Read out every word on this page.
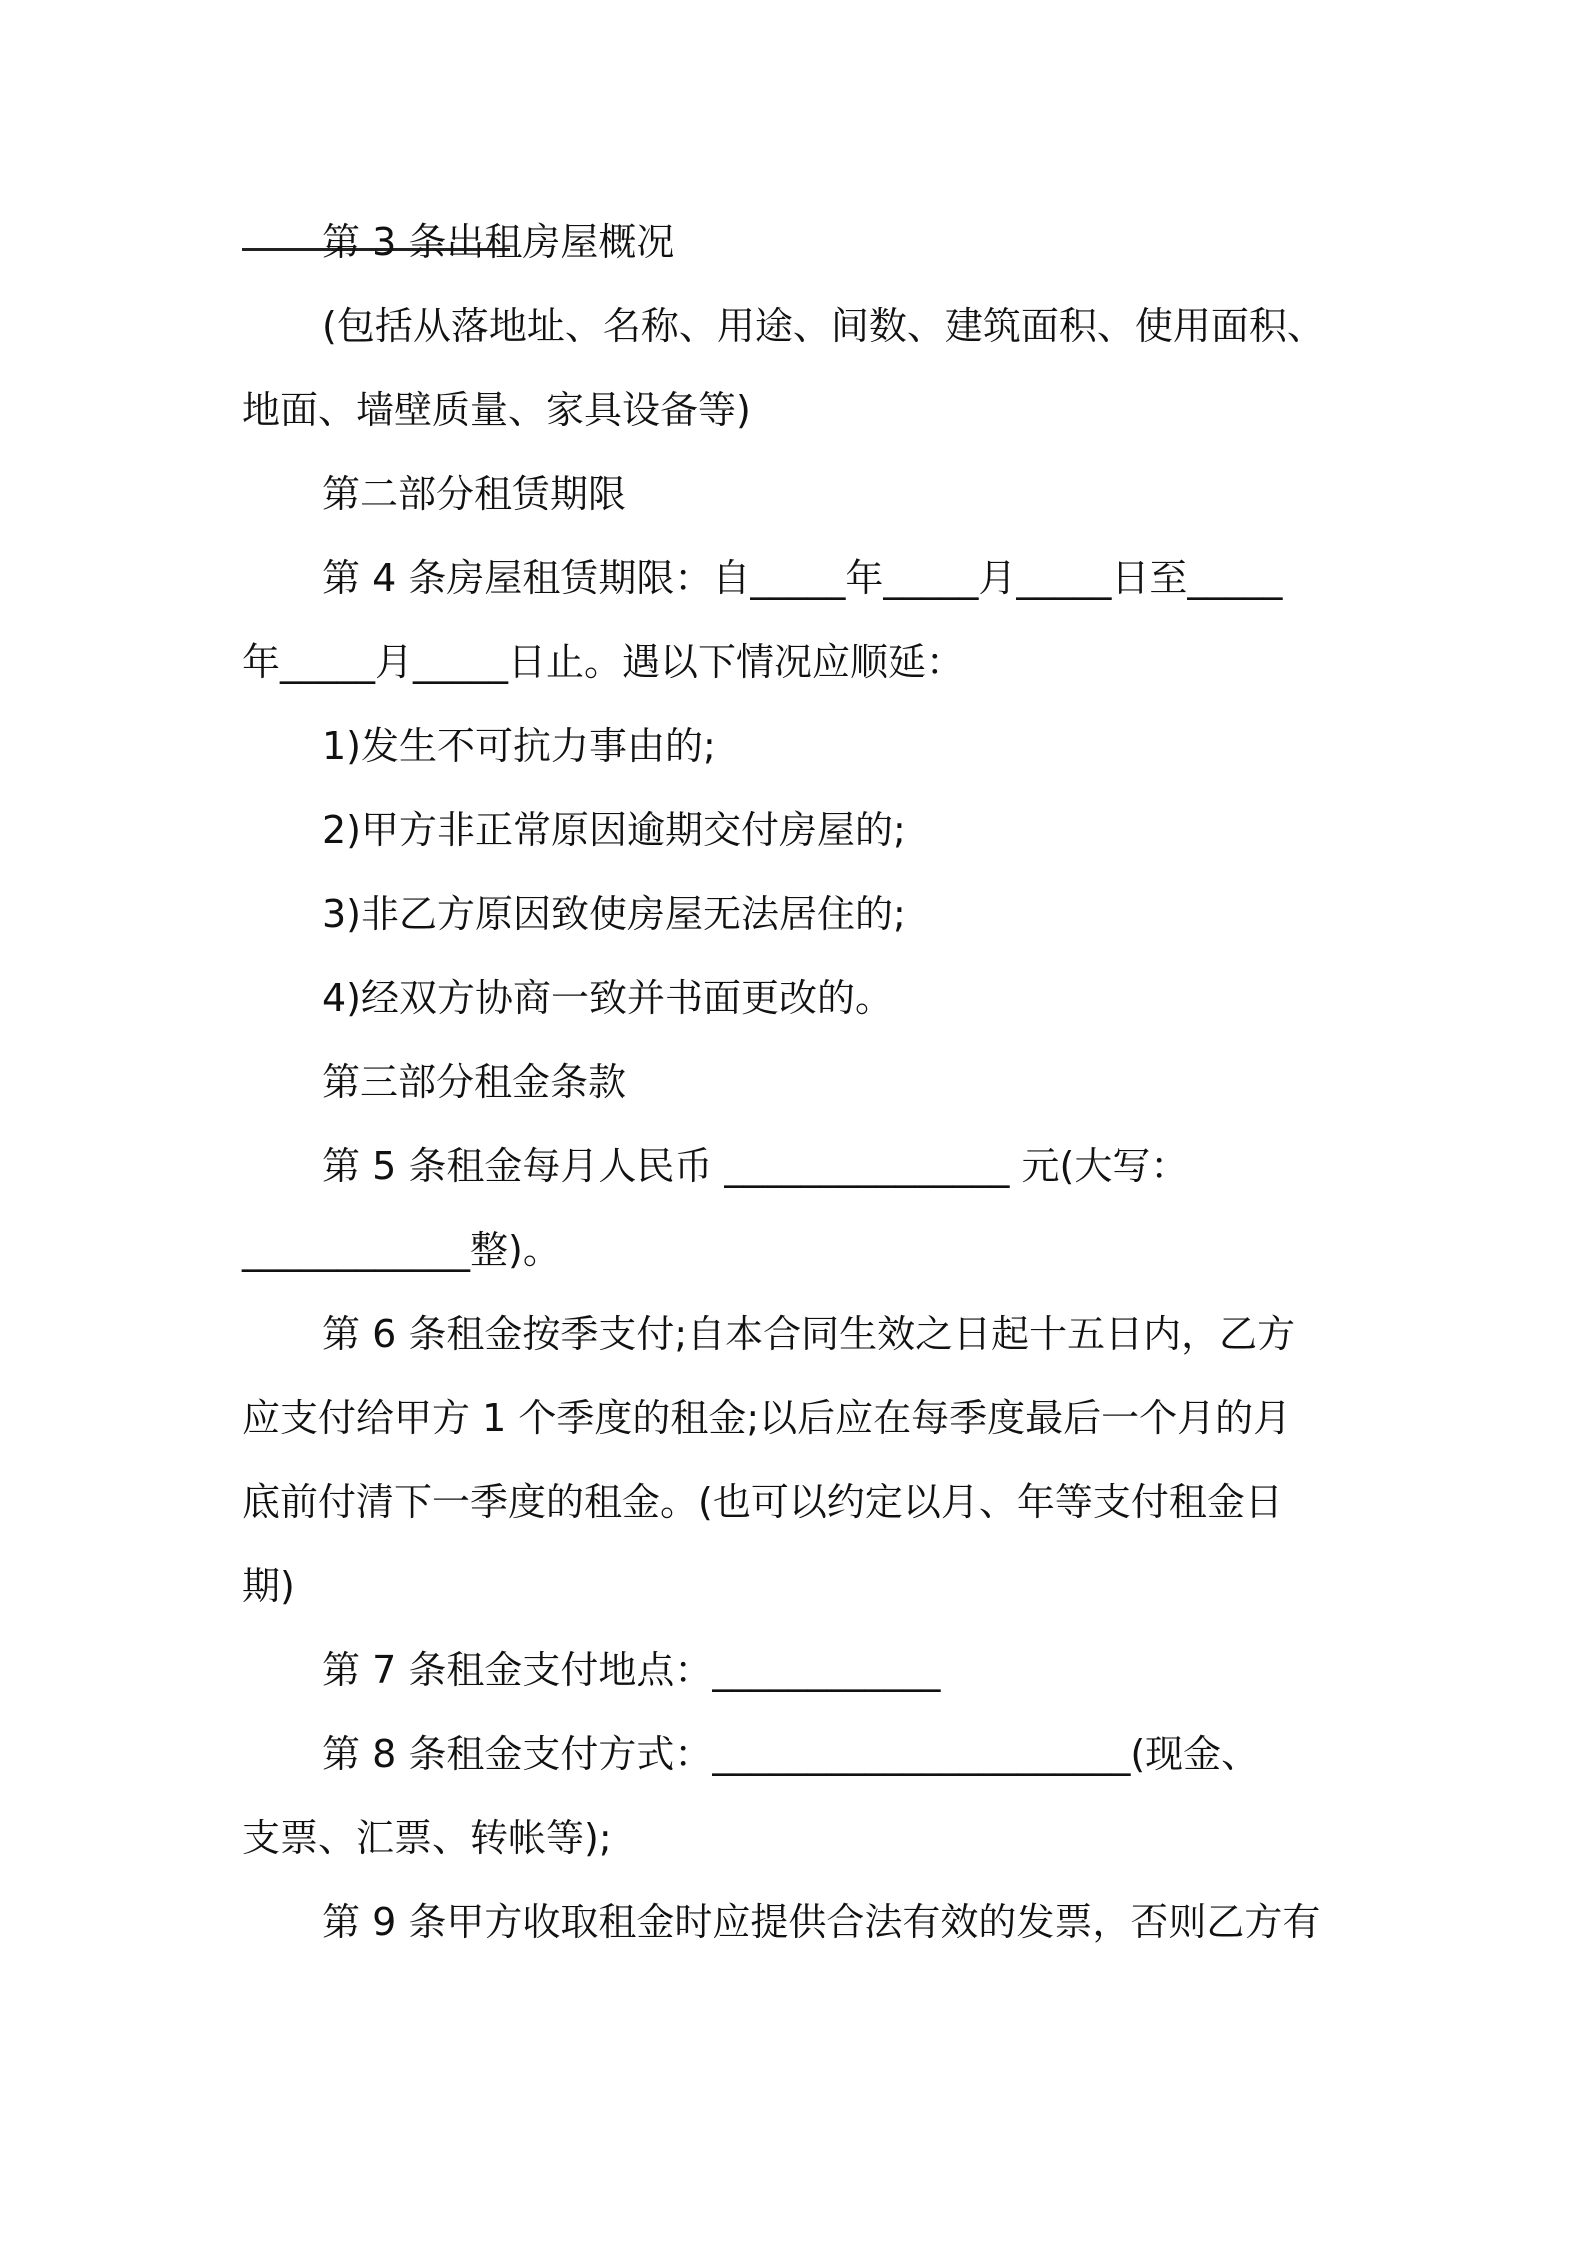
第 3 条出租房屋概况
(包括从落地址、名称、用途、间数、建筑面积、使用面积、
地面、墙壁质量、家具设备等)
第二部分租赁期限
第 4 条房屋租赁期限：自_____年_____月_____日至_____
年_____月_____日止。遇以下情况应顺延：
1)发生不可抗力事由的;
2)甲方非正常原因逾期交付房屋的;
3)非乙方原因致使房屋无法居住的;
4)经双方协商一致并书面更改的。
第三部分租金条款
第 5 条租金每月人民币 _______________ 元(大写：
____________整)。
第 6 条租金按季支付;自本合同生效之日起十五日内，乙方
应支付给甲方 1 个季度的租金;以后应在每季度最后一个月的月
底前付清下一季度的租金。(也可以约定以月、年等支付租金日
期)
第 7 条租金支付地点：____________
第 8 条租金支付方式：______________________(现金、
支票、汇票、转帐等);
第 9 条甲方收取租金时应提供合法有效的发票，否则乙方有
